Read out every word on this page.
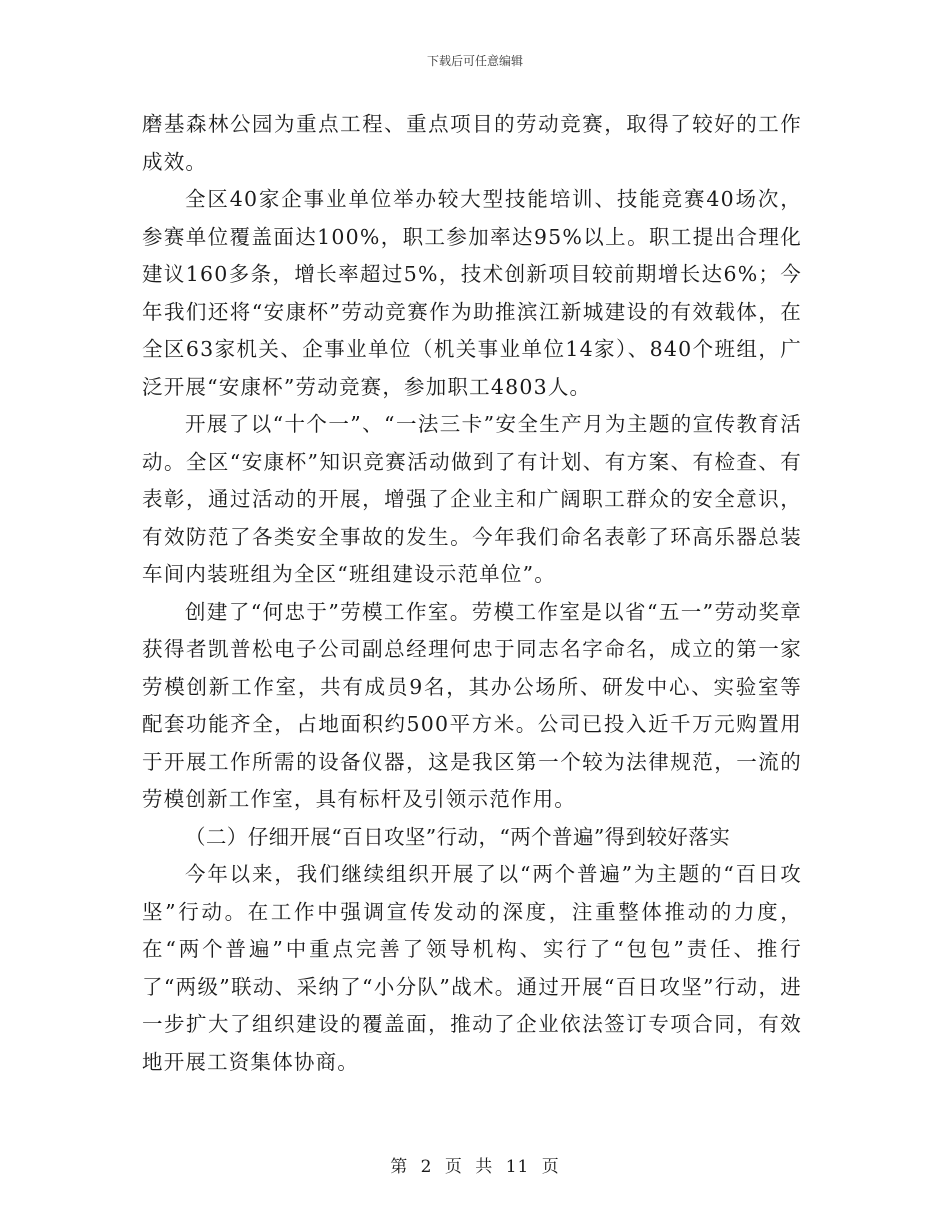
下载后可任意编辑

磨基森林公园为重点工程、重点项目的劳动竞赛，取得了较好的工作成效。

全区40家企事业单位举办较大型技能培训、技能竞赛40场次，参赛单位覆盖面达100%，职工参加率达95%以上。职工提出合理化建议160多条，增长率超过5%，技术创新项目较前期增长达6%；今年我们还将“安康杯”劳动竞赛作为助推滨江新城建设的有效载体，在全区63家机关、企事业单位（机关事业单位14家）、840个班组，广泛开展“安康杯”劳动竞赛，参加职工4803人。

开展了以“十个一”、“一法三卡”安全生产月为主题的宣传教育活动。全区“安康杯”知识竞赛活动做到了有计划、有方案、有检查、有表彰，通过活动的开展，增强了企业主和广阔职工群众的安全意识，有效防范了各类安全事故的发生。今年我们命名表彰了环高乐器总装车间内装班组为全区“班组建设示范单位”。

创建了“何忠于”劳模工作室。劳模工作室是以省“五一”劳动奖章获得者凯普松电子公司副总经理何忠于同志名字命名，成立的第一家劳模创新工作室，共有成员9名，其办公场所、研发中心、实验室等配套功能齐全，占地面积约500平方米。公司已投入近千万元购置用于开展工作所需的设备仪器，这是我区第一个较为法律规范，一流的劳模创新工作室，具有标杆及引领示范作用。

（二）仔细开展“百日攻坚”行动，“两个普遍”得到较好落实

今年以来，我们继续组织开展了以“两个普遍”为主题的“百日攻坚”行动。在工作中强调宣传发动的深度，注重整体推动的力度，在“两个普遍”中重点完善了领导机构、实行了“包包”责任、推行了“两级”联动、采纳了“小分队”战术。通过开展“百日攻坚”行动，进一步扩大了组织建设的覆盖面，推动了企业依法签订专项合同，有效地开展工资集体协商。

第 2 页 共 11 页
